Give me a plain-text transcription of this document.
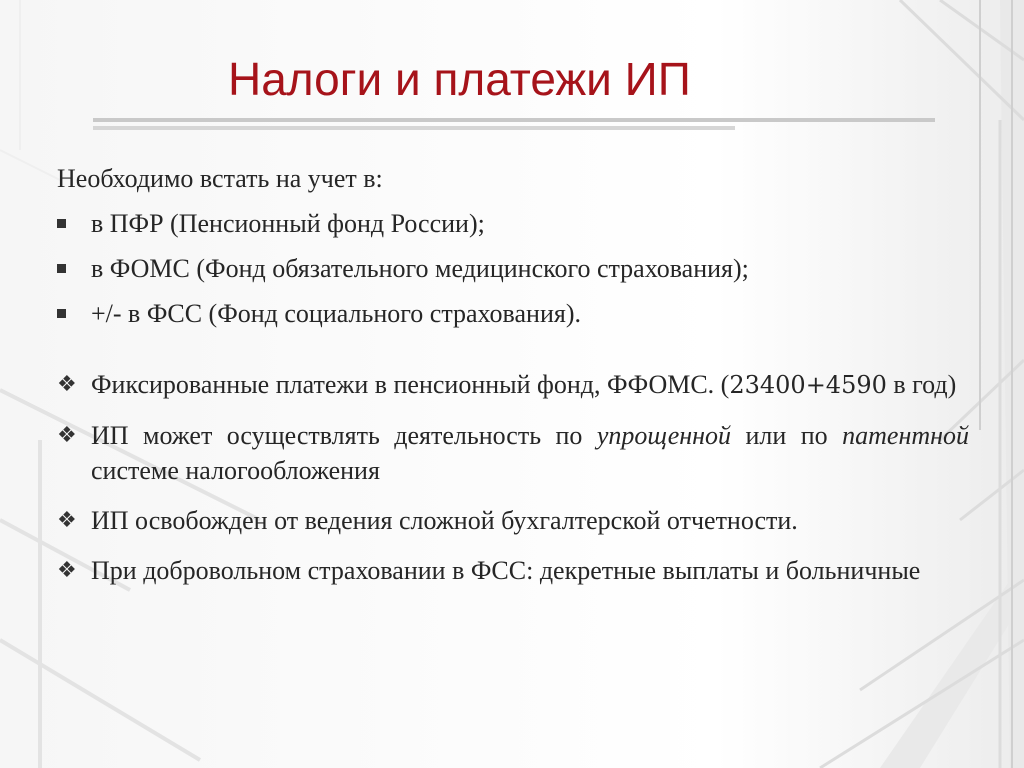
Налоги и платежи ИП

Необходимо встать на учет в:

в ПФР (Пенсионный фонд России);
в ФОМС (Фонд обязательного медицинского страхования);
+/- в ФСС (Фонд социального страхования).
❖ Фиксированные платежи в пенсионный фонд, ФФОМС. (23400+4590 в год)
❖ ИП может осуществлять деятельность по упрощенной или по патентной системе налогообложения
❖ ИП освобожден от ведения сложной бухгалтерской отчетности.
❖ При добровольном страховании в ФСС: декретные выплаты и больничные
